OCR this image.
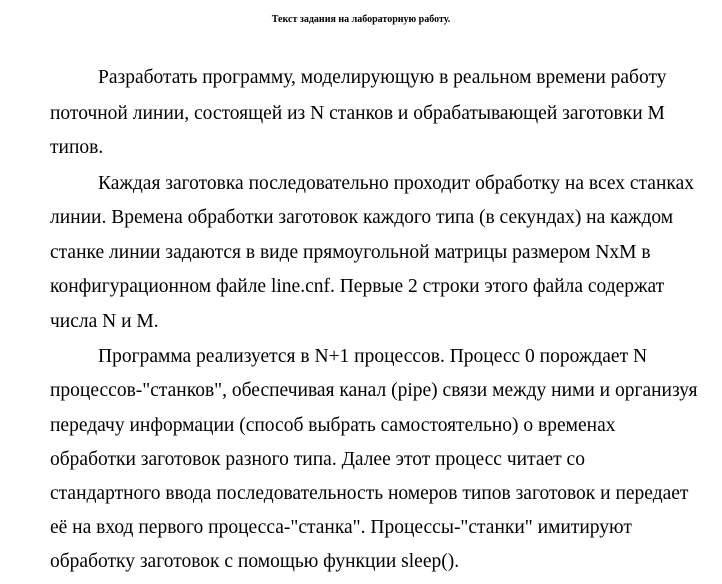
Текст задания на лабораторную работу.
Разработать программу, моделирующую в реальном времени работу
поточной линии, состоящей из N станков и обрабатывающей заготовки M
типов.
Каждая заготовка последовательно проходит обработку на всех станках
линии. Времена обработки заготовок каждого типа (в секундах) на каждом
станке линии задаются в виде прямоугольной матрицы размером NxM в
конфигурационном файле line.cnf. Первые 2 строки этого файла содержат
числа N и M.
Программа реализуется в N+1 процессов. Процесс 0 порождает N
процессов-"станков", обеспечивая канал (pipe) связи между ними и организуя
передачу информации (способ выбрать самостоятельно) о временах
обработки заготовок разного типа. Далее этот процесс читает со
стандартного ввода последовательность номеров типов заготовок и передает
её на вход первого процесса-"станка". Процессы-"станки" имитируют
обработку заготовок с помощью функции sleep().
